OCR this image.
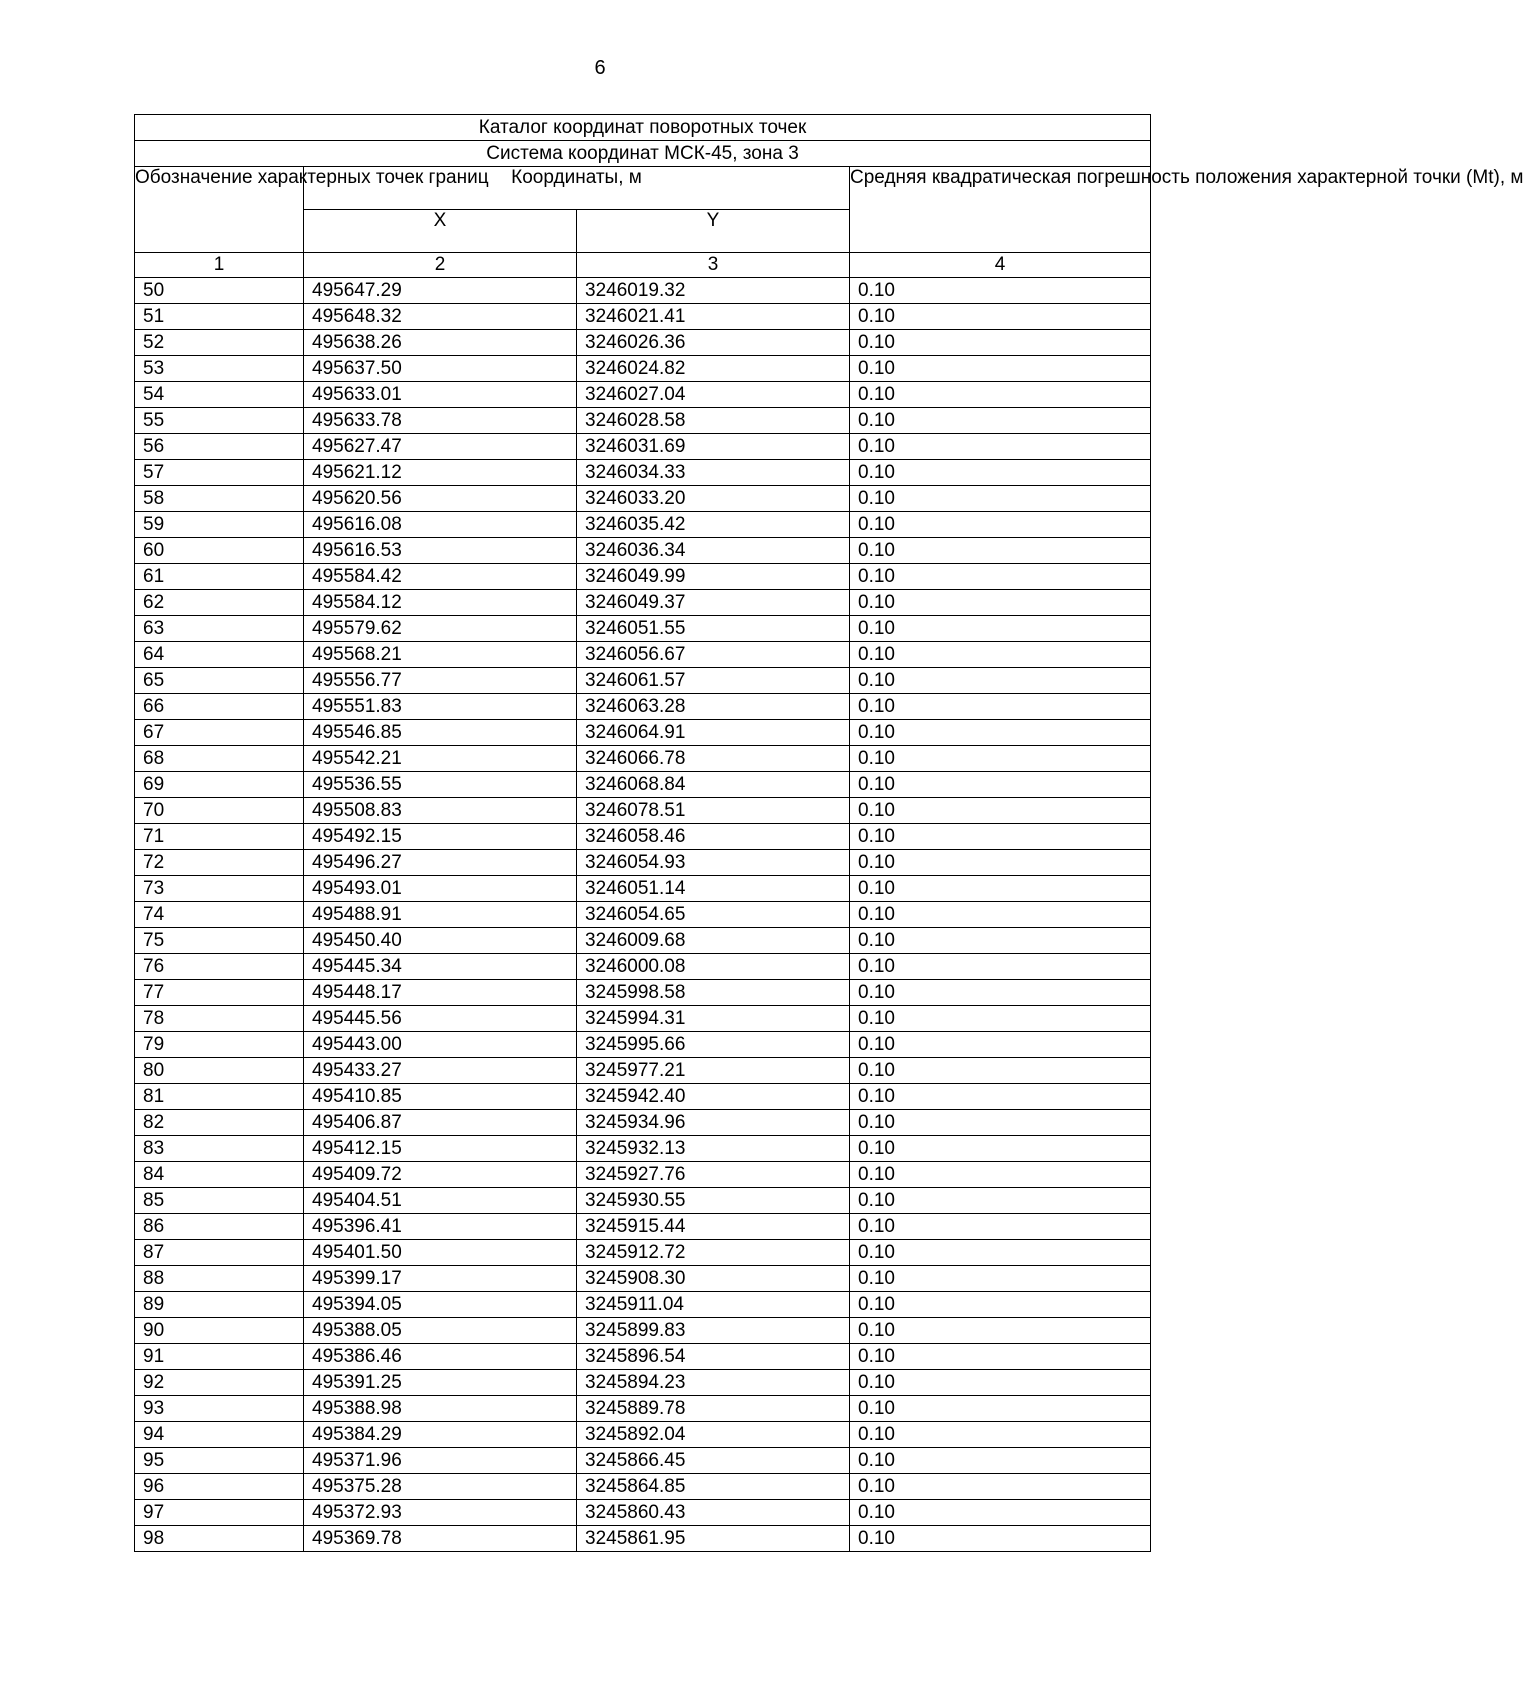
6
Каталог координат поворотных точек			
Система координат МСК-45, зона 3			
Обозначение характерных точек границ	Координаты, м		Средняя квадратическая погрешность положения характерной точки (Mt), м
	X	Y	
1	2	3	4
50	495647.29	3246019.32	0.10
51	495648.32	3246021.41	0.10
52	495638.26	3246026.36	0.10
53	495637.50	3246024.82	0.10
54	495633.01	3246027.04	0.10
55	495633.78	3246028.58	0.10
56	495627.47	3246031.69	0.10
57	495621.12	3246034.33	0.10
58	495620.56	3246033.20	0.10
59	495616.08	3246035.42	0.10
60	495616.53	3246036.34	0.10
61	495584.42	3246049.99	0.10
62	495584.12	3246049.37	0.10
63	495579.62	3246051.55	0.10
64	495568.21	3246056.67	0.10
65	495556.77	3246061.57	0.10
66	495551.83	3246063.28	0.10
67	495546.85	3246064.91	0.10
68	495542.21	3246066.78	0.10
69	495536.55	3246068.84	0.10
70	495508.83	3246078.51	0.10
71	495492.15	3246058.46	0.10
72	495496.27	3246054.93	0.10
73	495493.01	3246051.14	0.10
74	495488.91	3246054.65	0.10
75	495450.40	3246009.68	0.10
76	495445.34	3246000.08	0.10
77	495448.17	3245998.58	0.10
78	495445.56	3245994.31	0.10
79	495443.00	3245995.66	0.10
80	495433.27	3245977.21	0.10
81	495410.85	3245942.40	0.10
82	495406.87	3245934.96	0.10
83	495412.15	3245932.13	0.10
84	495409.72	3245927.76	0.10
85	495404.51	3245930.55	0.10
86	495396.41	3245915.44	0.10
87	495401.50	3245912.72	0.10
88	495399.17	3245908.30	0.10
89	495394.05	3245911.04	0.10
90	495388.05	3245899.83	0.10
91	495386.46	3245896.54	0.10
92	495391.25	3245894.23	0.10
93	495388.98	3245889.78	0.10
94	495384.29	3245892.04	0.10
95	495371.96	3245866.45	0.10
96	495375.28	3245864.85	0.10
97	495372.93	3245860.43	0.10
98	495369.78	3245861.95	0.10
